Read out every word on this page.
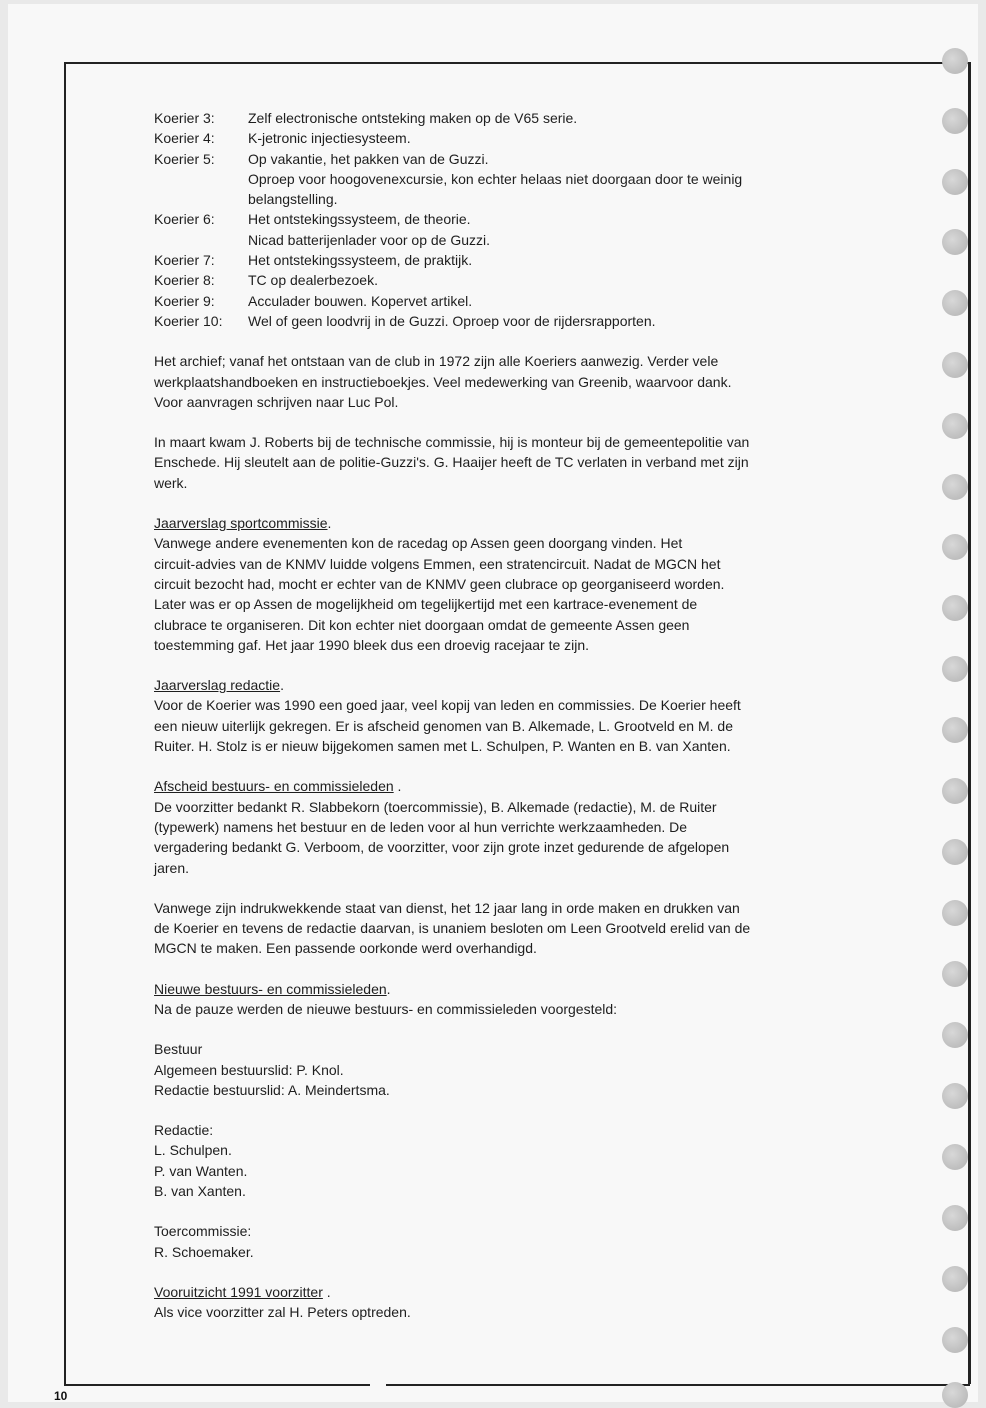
Koerier 3:	Zelf electronische ontsteking maken op de V65 serie.
Koerier 4:	K-jetronic injectiesysteem.
Koerier 5:	Op vakantie, het pakken van de Guzzi.
Oproep voor hoogovenexcursie, kon echter helaas niet doorgaan door te weinig
belangstelling.
Koerier 6:	Het ontstekingssysteem, de theorie.
Nicad batterijenlader voor op de Guzzi.
Koerier 7:	Het ontstekingssysteem, de praktijk.
Koerier 8:	TC op dealerbezoek.
Koerier 9:	Acculader bouwen. Kopervet artikel.
Koerier 10:	Wel of geen loodvrij in de Guzzi. Oproep voor de rijdersrapporten.
Het archief; vanaf het ontstaan van de club in 1972 zijn alle Koeriers aanwezig. Verder vele
werkplaatshandboeken en instructieboekjes. Veel medewerking van Greenib, waarvoor dank.
Voor aanvragen schrijven naar Luc Pol.
In maart kwam J. Roberts bij de technische commissie, hij is monteur bij de gemeentepolitie van
Enschede. Hij sleutelt aan de politie-Guzzi's. G. Haaijer heeft de TC verlaten in verband met zijn
werk.
Jaarverslag sportcommissie.
Vanwege andere evenementen kon de racedag op Assen geen doorgang vinden. Het
circuit-advies van de KNMV luidde volgens Emmen, een stratencircuit. Nadat de MGCN het
circuit bezocht had, mocht er echter van de KNMV geen clubrace op georganiseerd worden.
Later was er op Assen de mogelijkheid om tegelijkertijd met een kartrace-evenement de
clubrace te organiseren. Dit kon echter niet doorgaan omdat de gemeente Assen geen
toestemming gaf. Het jaar 1990 bleek dus een droevig racejaar te zijn.
Jaarverslag redactie.
Voor de Koerier was 1990 een goed jaar, veel kopij van leden en commissies. De Koerier heeft
een nieuw uiterlijk gekregen. Er is afscheid genomen van B. Alkemade, L. Grootveld en M. de
Ruiter. H. Stolz is er nieuw bijgekomen samen met L. Schulpen, P. Wanten en B. van Xanten.
Afscheid bestuurs- en commissieleden .
De voorzitter bedankt R. Slabbekorn (toercommissie), B. Alkemade (redactie), M. de Ruiter
(typewerk) namens het bestuur en de leden voor al hun verrichte werkzaamheden. De
vergadering bedankt G. Verboom, de voorzitter, voor zijn grote inzet gedurende de afgelopen
jaren.
Vanwege zijn indrukwekkende staat van dienst, het 12 jaar lang in orde maken en drukken van
de Koerier en tevens de redactie daarvan, is unaniem besloten om Leen Grootveld erelid van de
MGCN te maken. Een passende oorkonde werd overhandigd.
Nieuwe bestuurs- en commissieleden.
Na de pauze werden de nieuwe bestuurs- en commissieleden voorgesteld:
Bestuur
Algemeen bestuurslid: P. Knol.
Redactie bestuurslid: A. Meindertsma.
Redactie:
L. Schulpen.
P. van Wanten.
B. van Xanten.
Toercommissie:
R. Schoemaker.
Vooruitzicht 1991 voorzitter .
Als vice voorzitter zal H. Peters optreden.
10
